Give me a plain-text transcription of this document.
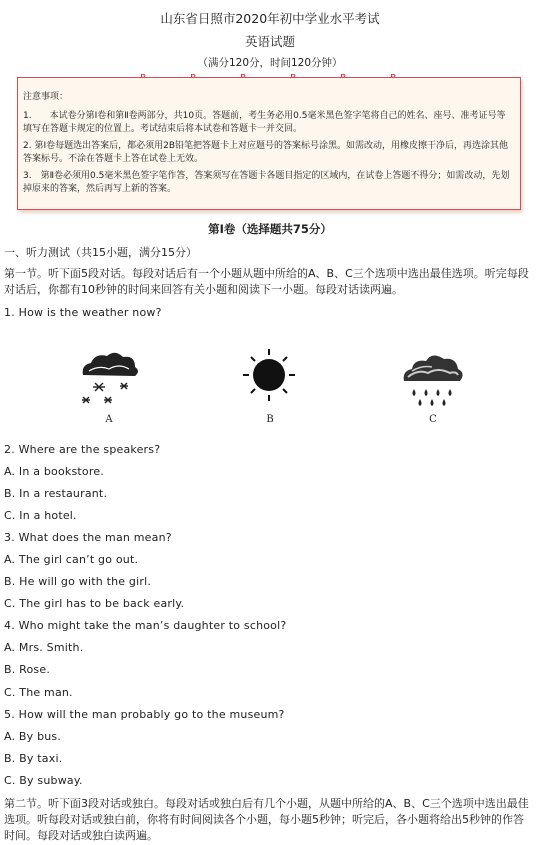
山东省日照市2020年初中学业水平考试
英语试题
（满分120分，时间120分钟）

注意事项：

1.　　本试卷分第Ⅰ卷和第Ⅱ卷两部分，共10页。答题前，考生务必用0.5毫米黑色签字笔将自己的姓名、座号、准考证号等填写在答题卡规定的位置上。考试结束后将本试卷和答题卡一并交回。

2. 第Ⅰ卷每题选出答案后，都必须用2B铅笔把答题卡上对应题号的答案标号涂黑。如需改动，用橡皮擦干净后，再选涂其他答案标号。不涂在答题卡上答在试卷上无效。

3.　第Ⅱ卷必须用0.5毫米黑色签字笔作答，答案须写在答题卡各题目指定的区域内，在试卷上答题不得分；如需改动，先划掉原来的答案，然后再写上新的答案。

第Ⅰ卷（选择题共75分）
一、听力测试（共15小题，满分15分）
第一节。听下面5段对话。每段对话后有一个小题从题中所给的A、B、C三个选项中选出最佳选项。听完每段对话后，你都有10秒钟的时间来回答有关小题和阅读下一小题。每段对话读两遍。
1. How is the weather now?
A	B	C
2. Where are the speakers?
A. In a bookstore.
B. In a restaurant.
C. In a hotel.
3. What does the man mean?
A. The girl can’t go out.
B. He will go with the girl.
C. The girl has to be back early.
4. Who might take the man’s daughter to school?
A. Mrs. Smith.
B. Rose.
C. The man.
5. How will the man probably go to the museum?
A. By bus.
B. By taxi.
C. By subway.
第二节。听下面3段对话或独白。每段对话或独白后有几个小题，从题中所给的A、B、C三个选项中选出最佳选项。听每段对话或独白前，你将有时间阅读各个小题，每小题5秒钟；听完后，各小题将给出5秒钟的作答时间。每段对话或独白读两遍。
